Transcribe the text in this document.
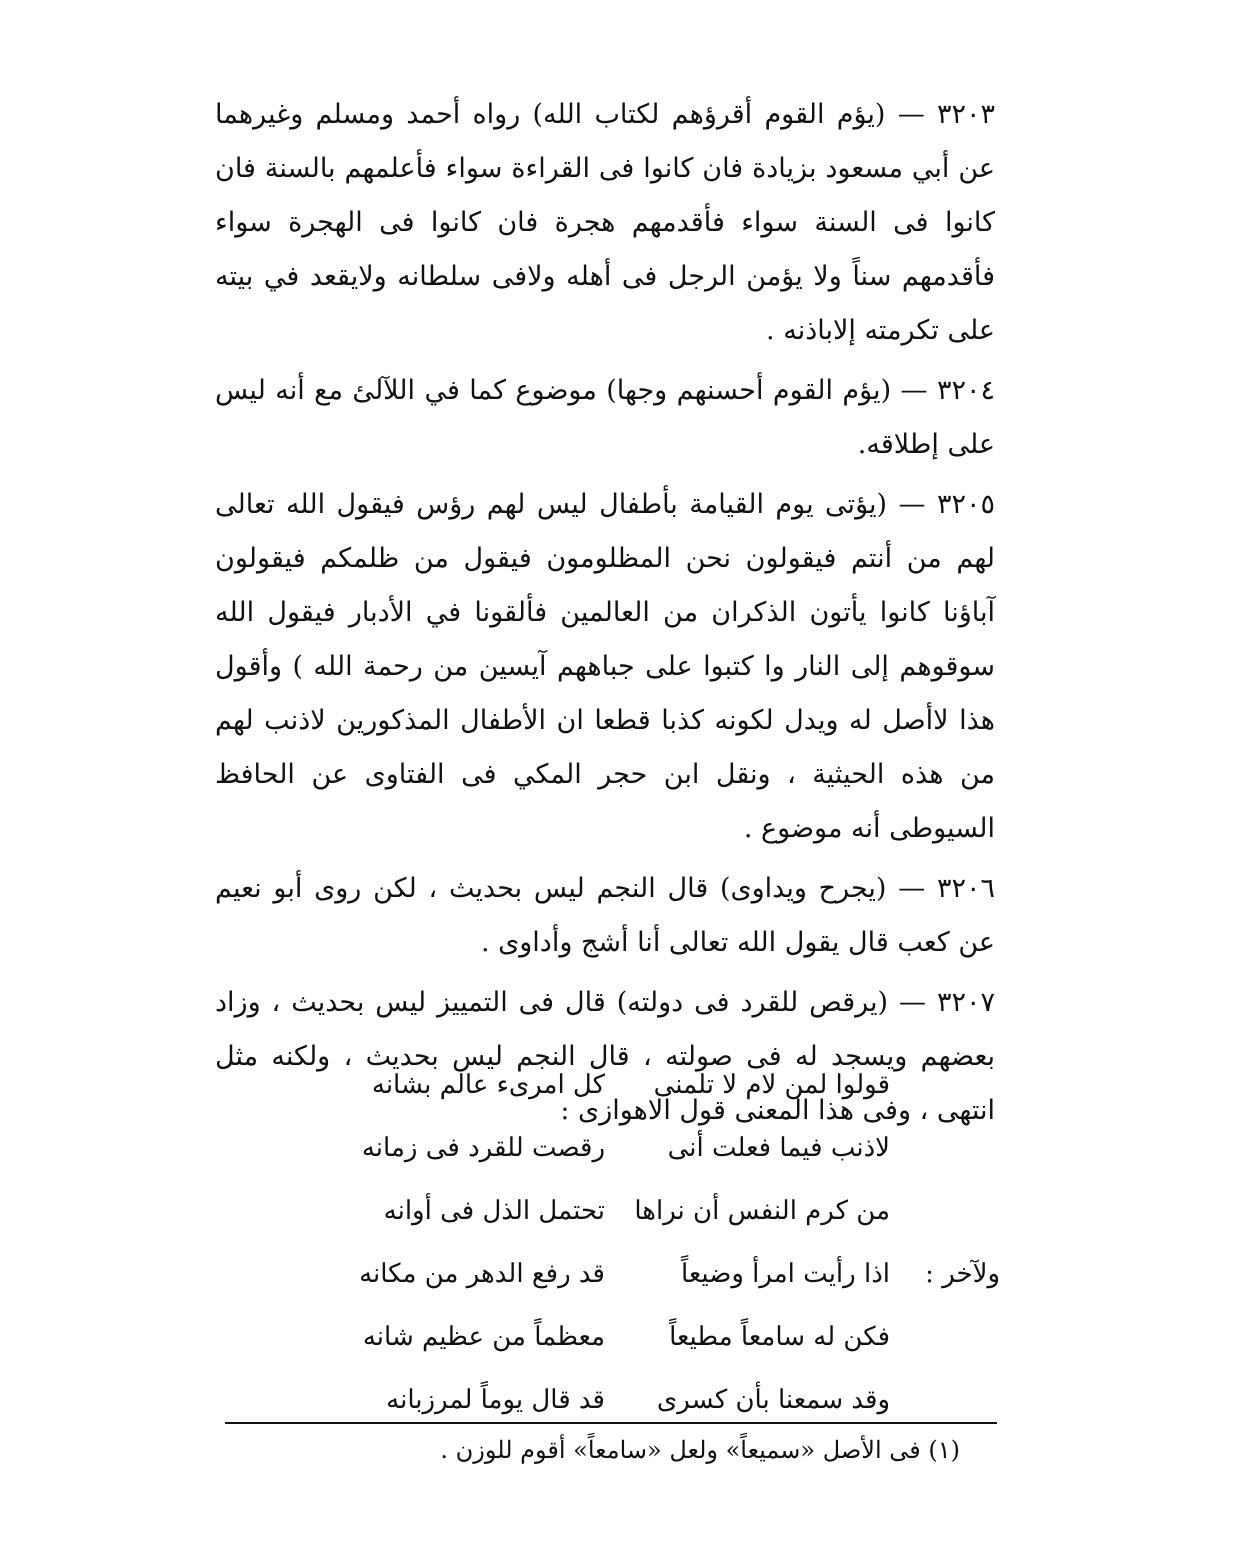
٣٢٠٣ — (يؤم القوم أقرؤهم لكتاب الله) رواه أحمد ومسلم وغيرهما عن أبي مسعود بزيادة فان كانوا فى القراءة سواء فأعلمهم بالسنة فان كانوا فى السنة سواء فأقدمهم هجرة فان كانوا فى الهجرة سواء فأقدمهم سناً ولا يؤمن الرجل فى أهله ولافى سلطانه ولايقعد في بيته على تكرمته إلاباذنه .

٣٢٠٤ — (يؤم القوم أحسنهم وجها) موضوع كما في اللآلئ مع أنه ليس على إطلاقه.

٣٢٠٥ — (يؤتى يوم القيامة بأطفال ليس لهم رؤس فيقول الله تعالى لهم من أنتم فيقولون نحن المظلومون فيقول من ظلمكم فيقولون آباؤنا كانوا يأتون الذكران من العالمين فألقونا في الأدبار فيقول الله سوقوهم إلى النار وا كتبوا على جباههم آيسين من رحمة الله ) وأقول هذا لاأصل له ويدل لكونه كذبا قطعا ان الأطفال المذكورين لاذنب لهم من هذه الحيثية ، ونقل ابن حجر المكي فى الفتاوى عن الحافظ السيوطى أنه موضوع .

٣٢٠٦ — (يجرح ويداوى) قال النجم ليس بحديث ، لكن روى أبو نعيم عن كعب قال يقول الله تعالى أنا أشج وأداوى .

٣٢٠٧ — (يرقص للقرد فى دولته) قال فى التمييز ليس بحديث ، وزاد بعضهم ويسجد له فى صولته ، قال النجم ليس بحديث ، ولكنه مثل انتهى ، وفى هذا المعنى قول الاهوازى :

قولوا لمن لام لا تلمنى
كل امرىء عالم بشانه
لاذنب فيما فعلت أنى
رقصت للقرد فى زمانه
من كرم النفس أن نراها
تحتمل الذل فى أوانه
ولآخر :
اذا رأيت امرأ وضيعاً
قد رفع الدهر من مكانه
فكن له سامعاً مطيعاً
معظماً من عظيم شانه
وقد سمعنا بأن كسرى
قد قال يوماً لمرزبانه
(١) فى الأصل «سميعاً» ولعل «سامعاً» أقوم للوزن .
